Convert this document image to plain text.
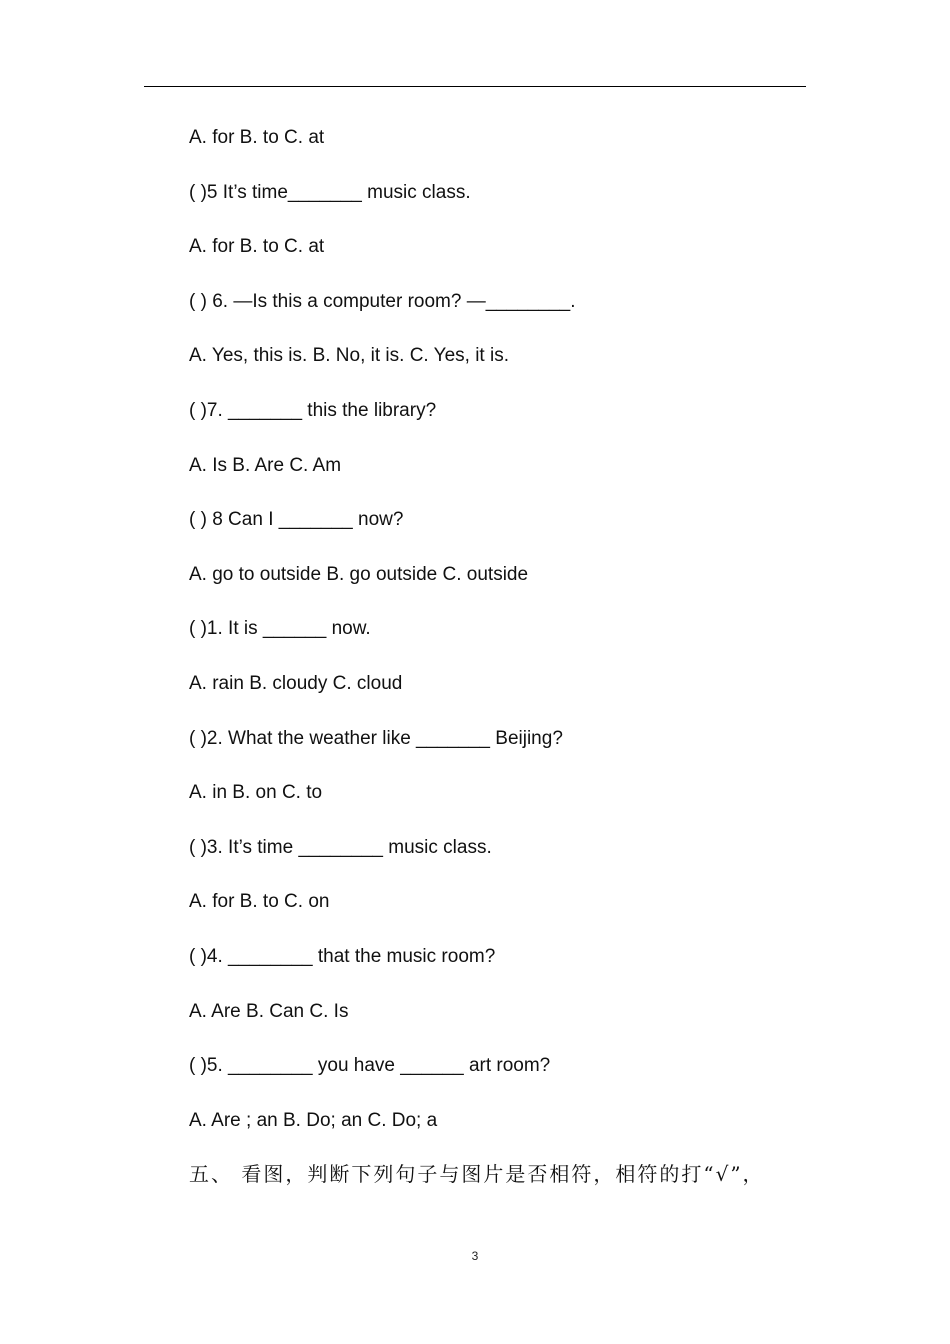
A. for B. to C. at
( )5 It’s time_______ music class.
A. for B. to C. at
( ) 6. —Is this a computer room? —________.
A. Yes, this is. B. No, it is. C. Yes, it is.
( )7. _______ this the library?
A. Is B. Are C. Am
( ) 8 Can I _______ now?
A. go to outside B. go outside C. outside
( )1. It is ______ now.
A. rain B. cloudy C. cloud
( )2. What the weather like _______ Beijing?
A. in B. on C. to
( )3. It’s time ________ music class.
A. for B. to C. on
( )4. ________ that the music room?
A. Are B. Can C. Is
( )5. ________ you have ______ art room?
A. Are ; an B. Do; an C. Do; a
五、 看图，判断下列句子与图片是否相符，相符的打“√”，
3
